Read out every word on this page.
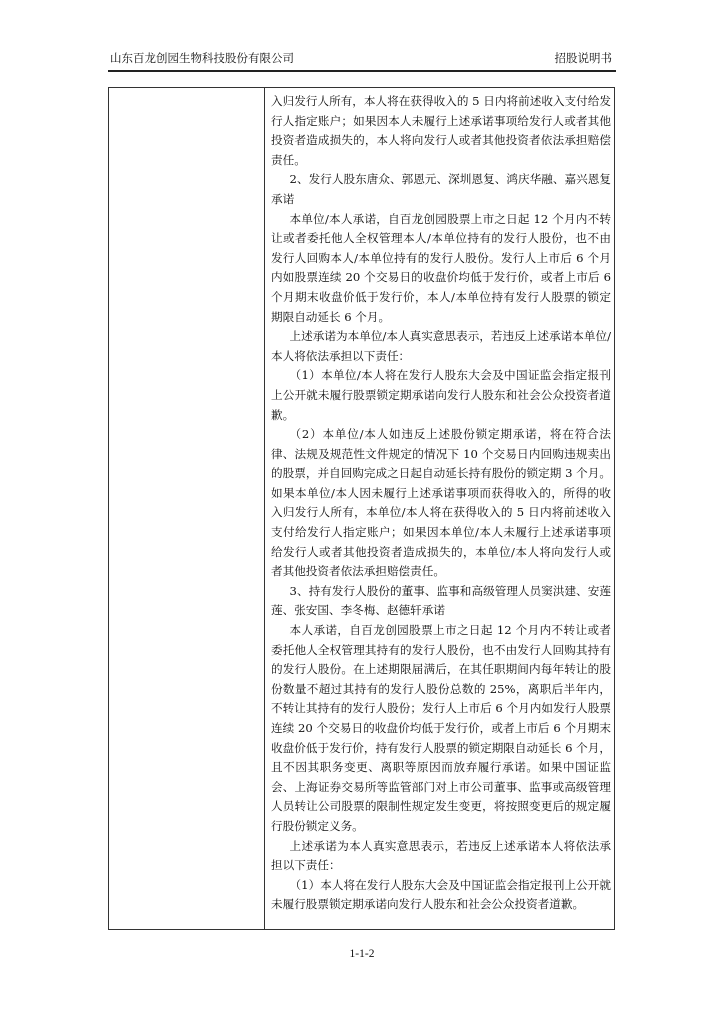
山东百龙创园生物科技股份有限公司	招股说明书

入归发行人所有，本人将在获得收入的 5 日内将前述收入支付给发行人指定账户；如果因本人未履行上述承诺事项给发行人或者其他投资者造成损失的，本人将向发行人或者其他投资者依法承担赔偿责任。

2、发行人股东唐众、郭恩元、深圳恩复、鸿庆华融、嘉兴恩复承诺

本单位/本人承诺，自百龙创园股票上市之日起 12 个月内不转让或者委托他人全权管理本人/本单位持有的发行人股份，也不由发行人回购本人/本单位持有的发行人股份。发行人上市后 6 个月内如股票连续 20 个交易日的收盘价均低于发行价，或者上市后 6 个月期末收盘价低于发行价，本人/本单位持有发行人股票的锁定期限自动延长 6 个月。

上述承诺为本单位/本人真实意思表示，若违反上述承诺本单位/本人将依法承担以下责任：

（1）本单位/本人将在发行人股东大会及中国证监会指定报刊上公开就未履行股票锁定期承诺向发行人股东和社会公众投资者道歉。

（2）本单位/本人如违反上述股份锁定期承诺，将在符合法律、法规及规范性文件规定的情况下 10 个交易日内回购违规卖出的股票，并自回购完成之日起自动延长持有股份的锁定期 3 个月。如果本单位/本人因未履行上述承诺事项而获得收入的，所得的收入归发行人所有，本单位/本人将在获得收入的 5 日内将前述收入支付给发行人指定账户；如果因本单位/本人未履行上述承诺事项给发行人或者其他投资者造成损失的，本单位/本人将向发行人或者其他投资者依法承担赔偿责任。

3、持有发行人股份的董事、监事和高级管理人员窦洪建、安莲莲、张安国、李冬梅、赵德轩承诺

本人承诺，自百龙创园股票上市之日起 12 个月内不转让或者委托他人全权管理其持有的发行人股份，也不由发行人回购其持有的发行人股份。在上述期限届满后，在其任职期间内每年转让的股份数量不超过其持有的发行人股份总数的 25%，离职后半年内，不转让其持有的发行人股份；发行人上市后 6 个月内如发行人股票连续 20 个交易日的收盘价均低于发行价，或者上市后 6 个月期末收盘价低于发行价，持有发行人股票的锁定期限自动延长 6 个月，且不因其职务变更、离职等原因而放弃履行承诺。如果中国证监会、上海证券交易所等监管部门对上市公司董事、监事或高级管理人员转让公司股票的限制性规定发生变更，将按照变更后的规定履行股份锁定义务。

上述承诺为本人真实意思表示，若违反上述承诺本人将依法承担以下责任：

（1）本人将在发行人股东大会及中国证监会指定报刊上公开就未履行股票锁定期承诺向发行人股东和社会公众投资者道歉。

1-1-2
